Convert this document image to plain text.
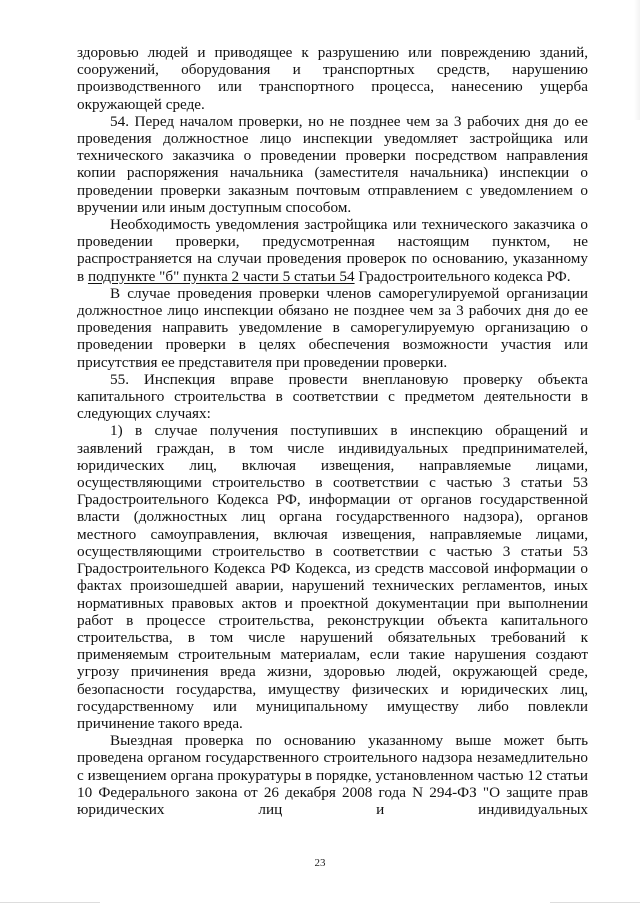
здоровью людей и приводящее к разрушению или повреждению зданий, сооружений, оборудования и транспортных средств, нарушению производственного или транспортного процесса, нанесению ущерба окружающей среде.

54. Перед началом проверки, но не позднее чем за 3 рабочих дня до ее проведения должностное лицо инспекции уведомляет застройщика или технического заказчика о проведении проверки посредством направления копии распоряжения начальника (заместителя начальника) инспекции о проведении проверки заказным почтовым отправлением с уведомлением о вручении или иным доступным способом.

Необходимость уведомления застройщика или технического заказчика о проведении проверки, предусмотренная настоящим пунктом, не распространяется на случаи проведения проверок по основанию, указанному в подпункте "б" пункта 2 части 5 статьи 54 Градостроительного кодекса РФ.

В случае проведения проверки членов саморегулируемой организации должностное лицо инспекции обязано не позднее чем за 3 рабочих дня до ее проведения направить уведомление в саморегулируемую организацию о проведении проверки в целях обеспечения возможности участия или присутствия ее представителя при проведении проверки.

55. Инспекция вправе провести внеплановую проверку объекта капитального строительства в соответствии с предметом деятельности в следующих случаях:

1) в случае получения поступивших в инспекцию обращений и заявлений граждан, в том числе индивидуальных предпринимателей, юридических лиц, включая извещения, направляемые лицами, осуществляющими строительство в соответствии с частью 3 статьи 53 Градостроительного Кодекса РФ, информации от органов государственной власти (должностных лиц органа государственного надзора), органов местного самоуправления, включая извещения, направляемые лицами, осуществляющими строительство в соответствии с частью 3 статьи 53 Градостроительного Кодекса РФ Кодекса, из средств массовой информации о фактах произошедшей аварии, нарушений технических регламентов, иных нормативных правовых актов и проектной документации при выполнении работ в процессе строительства, реконструкции объекта капитального строительства, в том числе нарушений обязательных требований к применяемым строительным материалам, если такие нарушения создают угрозу причинения вреда жизни, здоровью людей, окружающей среде, безопасности государства, имуществу физических и юридических лиц, государственному или муниципальному имуществу либо повлекли причинение такого вреда.

Выездная проверка по основанию указанному выше может быть проведена органом государственного строительного надзора незамедлительно с извещением органа прокуратуры в порядке, установленном частью 12 статьи 10 Федерального закона от 26 декабря 2008 года N 294-ФЗ "О защите прав юридических лиц и индивидуальных

23
